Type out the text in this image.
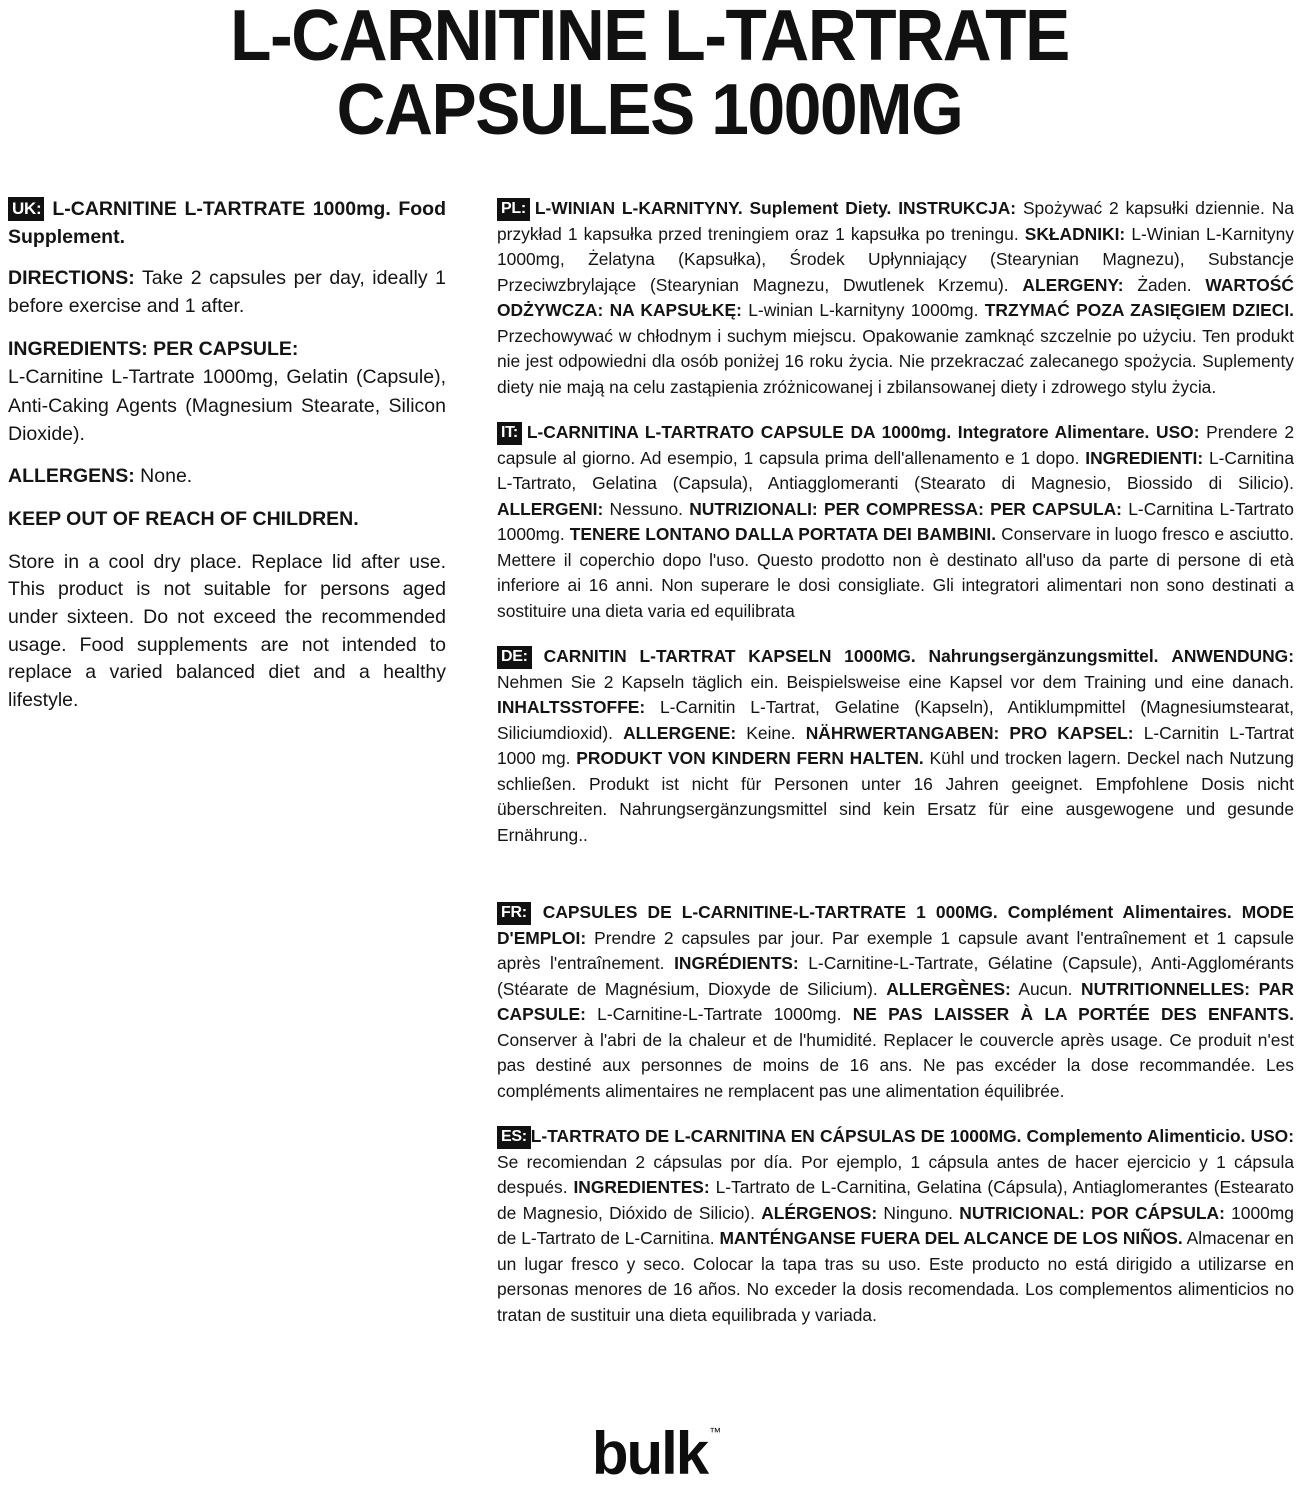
L-CARNITINE L-TARTRATE
CAPSULES 1000MG

UK: L-CARNITINE L-TARTRATE 1000mg. Food Supplement.

DIRECTIONS: Take 2 capsules per day, ideally 1 before exercise and 1 after.

INGREDIENTS: PER CAPSULE:

L-Carnitine L-Tartrate 1000mg, Gelatin (Capsule), Anti-Caking Agents (Magnesium Stearate, Silicon Dioxide).

ALLERGENS: None.

KEEP OUT OF REACH OF CHILDREN.

Store in a cool dry place. Replace lid after use. This product is not suitable for persons aged under sixteen. Do not exceed the recommended usage. Food supplements are not intended to replace a varied balanced diet and a healthy lifestyle.

PL: L-WINIAN L-KARNITYNY. Suplement Diety. INSTRUKCJA: Spożywać 2 kapsułki dziennie. Na przykład 1 kapsułka przed treningiem oraz 1 kapsułka po treningu. SKŁADNIKI: L-Winian L-Karnityny 1000mg, Żelatyna (Kapsułka), Środek Upłynniający (Stearynian Magnezu), Substancje Przeciwzbrylające (Stearynian Magnezu, Dwutlenek Krzemu). ALERGENY: Żaden. WARTOŚĆ ODŻYWCZA: NA KAPSUŁKĘ: L-winian L-karnityny 1000mg. TRZYMAĆ POZA ZASIĘGIEM DZIECI. Przechowywać w chłodnym i suchym miejscu. Opakowanie zamknąć szczelnie po użyciu. Ten produkt nie jest odpowiedni dla osób poniżej 16 roku życia. Nie przekraczać zalecanego spożycia. Suplementy diety nie mają na celu zastąpienia zróżnicowanej i zbilansowanej diety i zdrowego stylu życia.

IT: L-CARNITINA L-TARTRATO CAPSULE DA 1000mg. Integratore Alimentare. USO: Prendere 2 capsule al giorno. Ad esempio, 1 capsula prima dell'allenamento e 1 dopo. INGREDIENTI: L-Carnitina L-Tartrato, Gelatina (Capsula), Antiagglomeranti (Stearato di Magnesio, Biossido di Silicio). ALLERGENI: Nessuno. NUTRIZIONALI: PER COMPRESSA: PER CAPSULA: L-Carnitina L-Tartrato 1000mg. TENERE LONTANO DALLA PORTATA DEI BAMBINI. Conservare in luogo fresco e asciutto. Mettere il coperchio dopo l'uso. Questo prodotto non è destinato all'uso da parte di persone di età inferiore ai 16 anni. Non superare le dosi consigliate. Gli integratori alimentari non sono destinati a sostituire una dieta varia ed equilibrata

DE: CARNITIN L-TARTRAT KAPSELN 1000MG. Nahrungsergänzungsmittel. ANWENDUNG: Nehmen Sie 2 Kapseln täglich ein. Beispielsweise eine Kapsel vor dem Training und eine danach. INHALTSSTOFFE: L-Carnitin L-Tartrat, Gelatine (Kapseln), Antiklumpmittel (Magnesiumstearat, Siliciumdioxid). ALLERGENE: Keine. NÄHRWERTANGABEN: PRO KAPSEL: L-Carnitin L-Tartrat 1000 mg. PRODUKT VON KINDERN FERN HALTEN. Kühl und trocken lagern. Deckel nach Nutzung schließen. Produkt ist nicht für Personen unter 16 Jahren geeignet. Empfohlene Dosis nicht überschreiten. Nahrungsergänzungsmittel sind kein Ersatz für eine ausgewogene und gesunde Ernährung..

FR: CAPSULES DE L-CARNITINE-L-TARTRATE 1 000MG. Complément Alimentaires. MODE D'EMPLOI: Prendre 2 capsules par jour. Par exemple 1 capsule avant l'entraînement et 1 capsule après l'entraînement. INGRÉDIENTS: L-Carnitine-L-Tartrate, Gélatine (Capsule), Anti-Agglomérants (Stéarate de Magnésium, Dioxyde de Silicium). ALLERGÈNES: Aucun. NUTRITIONNELLES: PAR CAPSULE: L-Carnitine-L-Tartrate 1000mg. NE PAS LAISSER À LA PORTÉE DES ENFANTS. Conserver à l'abri de la chaleur et de l'humidité. Replacer le couvercle après usage. Ce produit n'est pas destiné aux personnes de moins de 16 ans. Ne pas excéder la dose recommandée. Les compléments alimentaires ne remplacent pas une alimentation équilibrée.

ES: L-TARTRATO DE L-CARNITINA EN CÁPSULAS DE 1000MG. Complemento Alimenticio. USO: Se recomiendan 2 cápsulas por día. Por ejemplo, 1 cápsula antes de hacer ejercicio y 1 cápsula después. INGREDIENTES: L-Tartrato de L-Carnitina, Gelatina (Cápsula), Antiaglomerantes (Estearato de Magnesio, Dióxido de Silicio). ALÉRGENOS: Ninguno. NUTRICIONAL: POR CÁPSULA: 1000mg de L-Tartrato de L-Carnitina. MANTÉNGANSE FUERA DEL ALCANCE DE LOS NIÑOS. Almacenar en un lugar fresco y seco. Colocar la tapa tras su uso. Este producto no está dirigido a utilizarse en personas menores de 16 años. No exceder la dosis recomendada. Los complementos alimenticios no tratan de sustituir una dieta equilibrada y variada.

bulk ™
